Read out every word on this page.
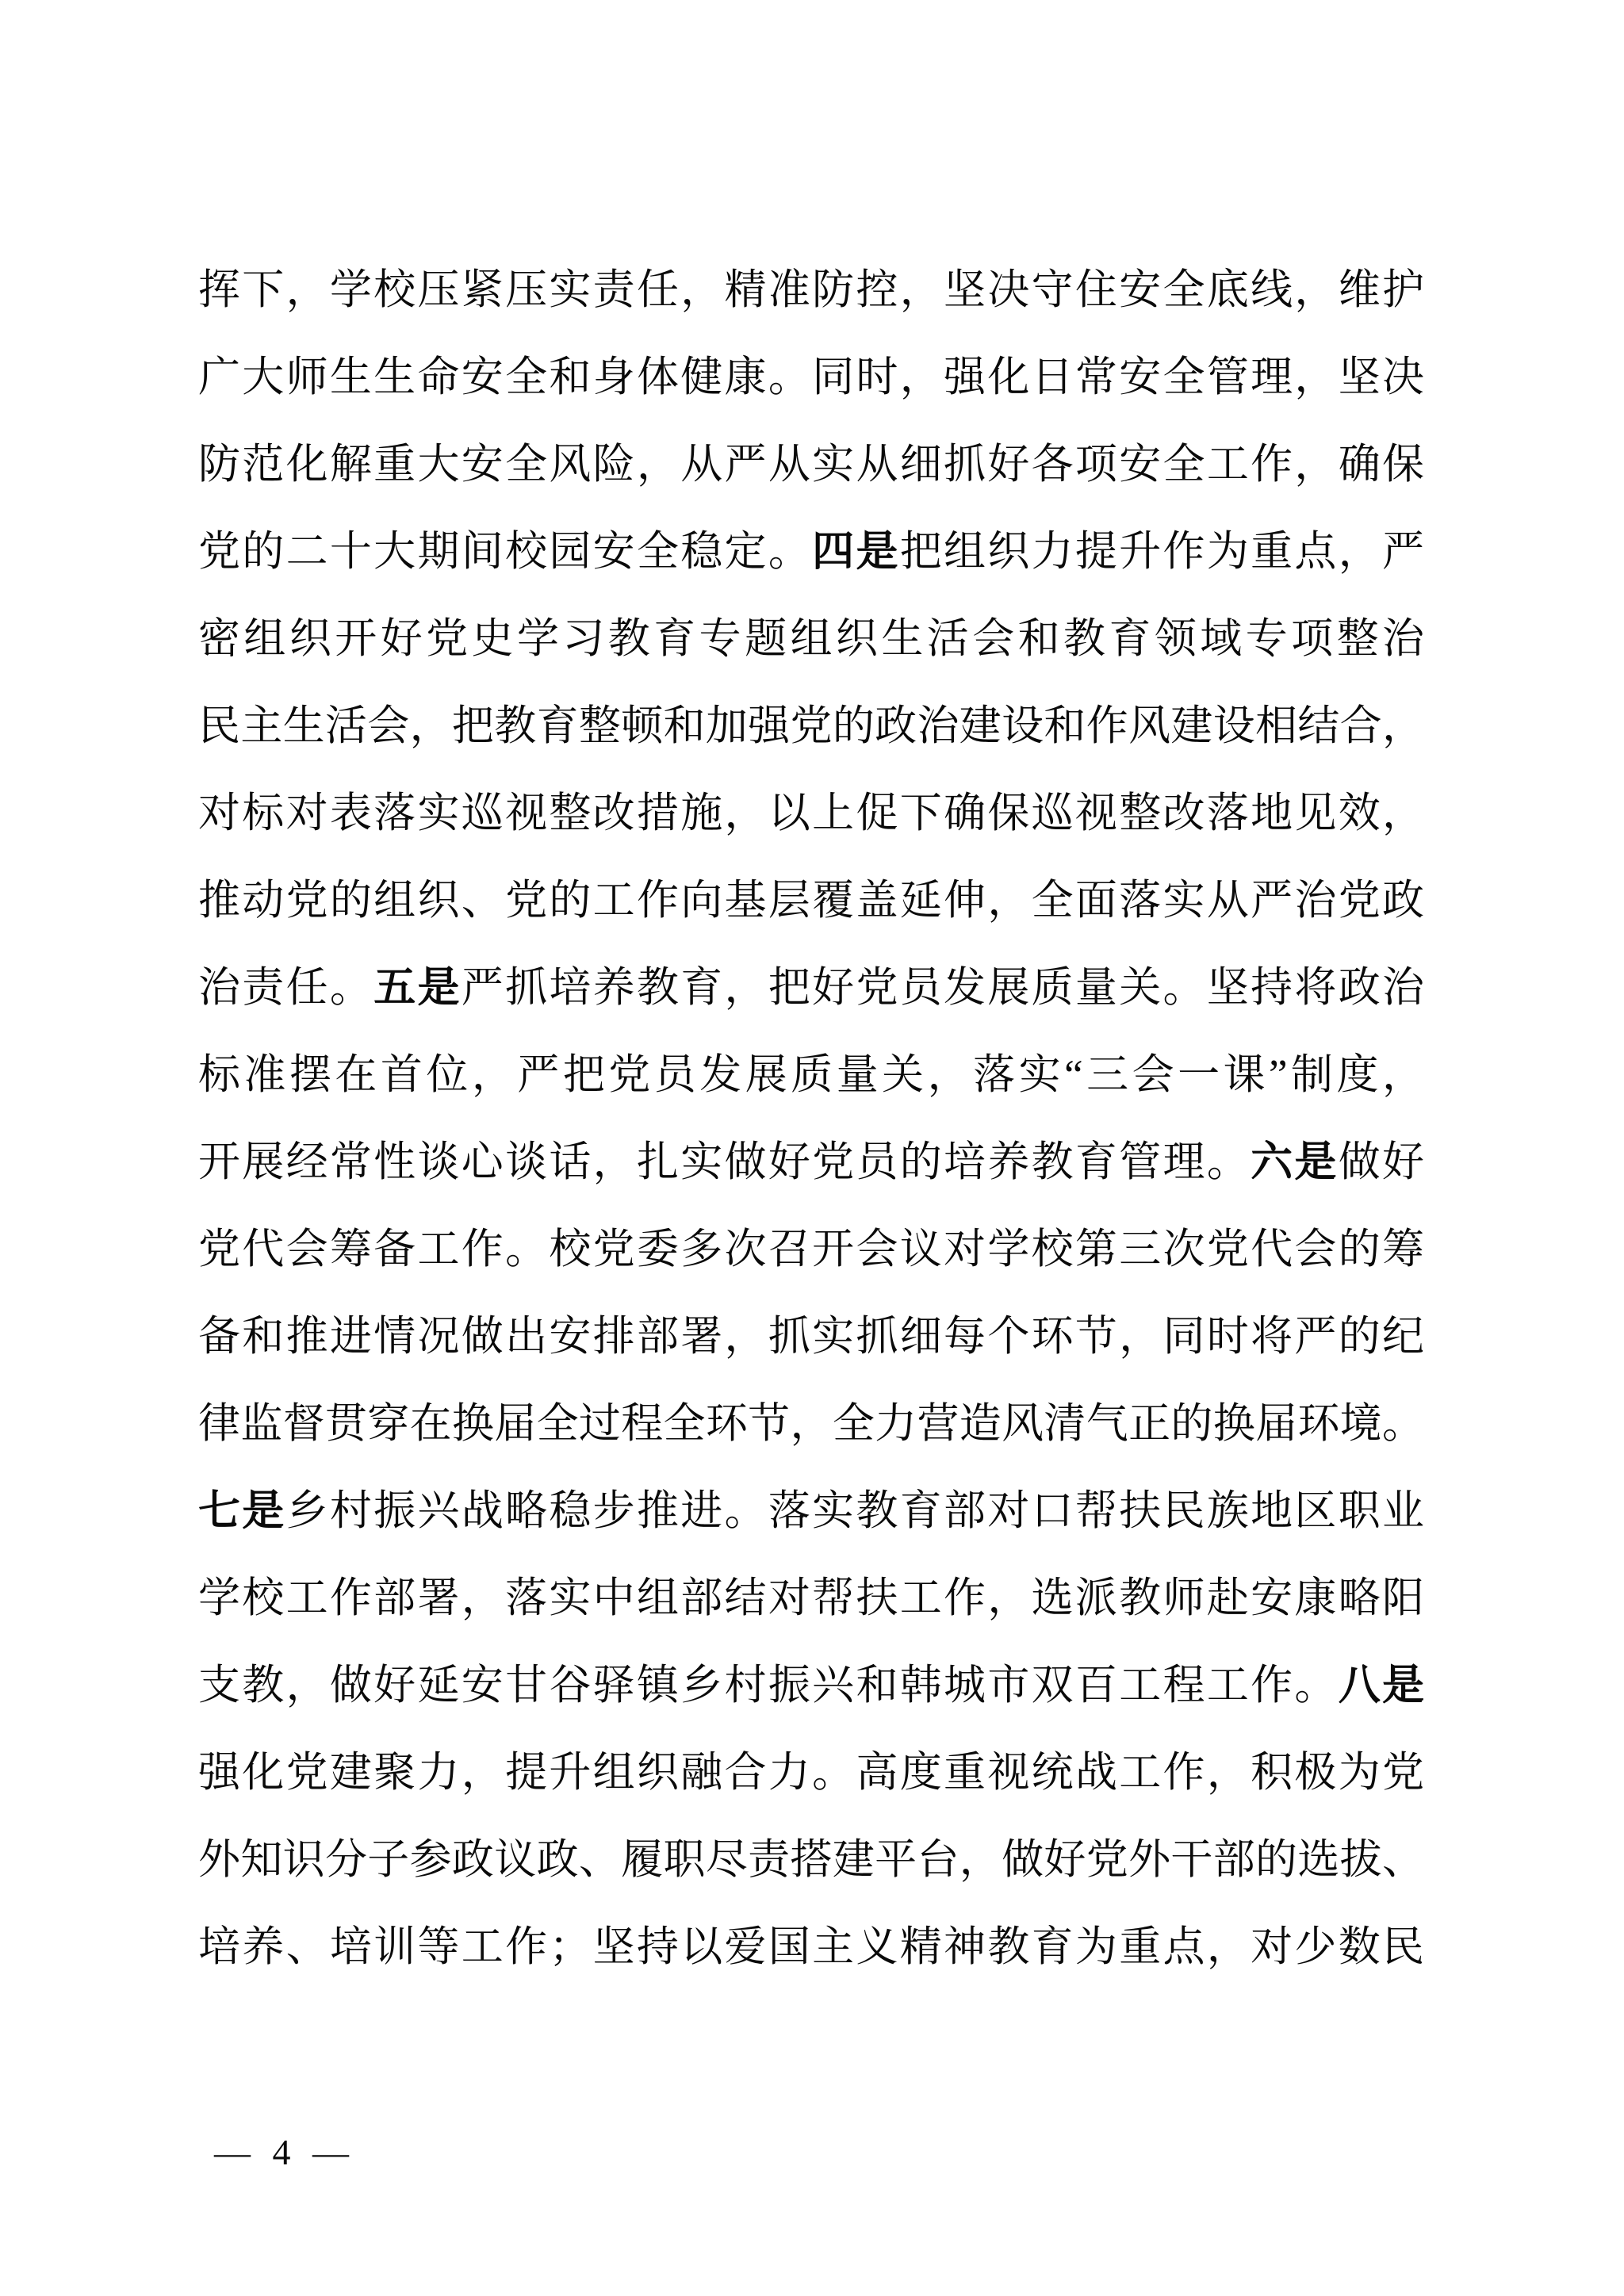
挥下，学校压紧压实责任，精准防控，坚决守住安全底线，维护
广大师生生命安全和身体健康。同时，强化日常安全管理，坚决
防范化解重大安全风险，从严从实从细抓好各项安全工作，确保
党的二十大期间校园安全稳定。四是把组织力提升作为重点，严
密组织开好党史学习教育专题组织生活会和教育领域专项整治
民主生活会，把教育整顿和加强党的政治建设和作风建设相结合，
对标对表落实巡视整改措施，以上促下确保巡视整改落地见效，
推动党的组织、党的工作向基层覆盖延伸，全面落实从严治党政
治责任。五是严抓培养教育，把好党员发展质量关。坚持将政治
标准摆在首位，严把党员发展质量关，落实“三会一课”制度，
开展经常性谈心谈话，扎实做好党员的培养教育管理。六是做好
党代会筹备工作。校党委多次召开会议对学校第三次党代会的筹
备和推进情况做出安排部署，抓实抓细每个环节，同时将严的纪
律监督贯穿在换届全过程全环节，全力营造风清气正的换届环境。
七是乡村振兴战略稳步推进。落实教育部对口帮扶民族地区职业
学校工作部署，落实中组部结对帮扶工作，选派教师赴安康略阳
支教，做好延安甘谷驿镇乡村振兴和韩城市双百工程工作。八是
强化党建聚力，提升组织融合力。高度重视统战工作，积极为党
外知识分子参政议政、履职尽责搭建平台，做好党外干部的选拔、
培养、培训等工作；坚持以爱国主义精神教育为重点，对少数民
— 4 —
